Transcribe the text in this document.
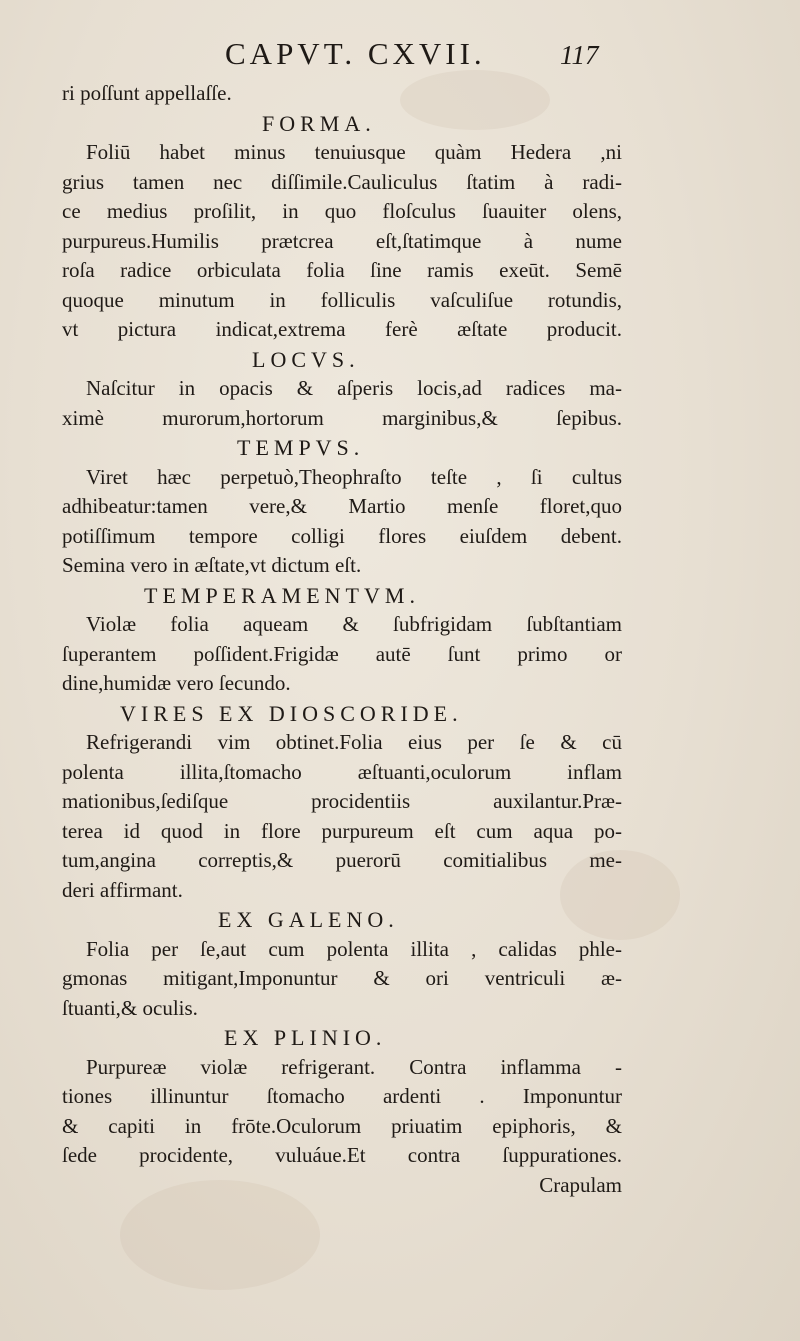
CAPVT. CXVII.	117
ri poſſunt appellaſſe.
FORMA.
Foliū habet minus tenuiusque quàm Hedera ,ni
grius tamen nec diſſimile.Cauliculus ſtatim à radi-
ce medius proſilit, in quo floſculus ſuauiter olens,
purpureus.Humilis prætcrea eſt,ſtatimque à nume
roſa radice orbiculata folia ſine ramis exeūt. Semē
quoque minutum in folliculis vaſculiſue rotundis,
vt pictura indicat,extrema ferè æſtate producit.
LOCVS.
Naſcitur in opacis & aſperis locis,ad radices ma-
ximè murorum,hortorum marginibus,& ſepibus.
TEMPVS.
Viret hæc perpetuò,Theophraſto teſte , ſi cultus
adhibeatur:tamen vere,& Martio menſe floret,quo
potiſſimum tempore colligi flores eiuſdem debent.
Semina vero in æſtate,vt dictum eſt.
TEMPERAMENTVM.
Violæ folia aqueam & ſubfrigidam ſubſtantiam
ſuperantem poſſident.Frigidæ autē ſunt primo or
dine,humidæ vero ſecundo.
VIRES EX DIOSCORIDE.
Refrigerandi vim obtinet.Folia eius per ſe & cū
polenta illita,ſtomacho æſtuanti,oculorum inflam
mationibus,ſediſque procidentiis auxilantur.Præ-
terea id quod in flore purpureum eſt cum aqua po-
tum,angina correptis,& puerorū comitialibus me-
deri affirmant.
EX GALENO.
Folia per ſe,aut cum polenta illita , calidas phle-
gmonas mitigant,Imponuntur & ori ventriculi æ-
ſtuanti,& oculis.
EX PLINIO.
Purpureæ violæ refrigerant. Contra inflamma -
tiones illinuntur ſtomacho ardenti . Imponuntur
& capiti in frōte.Oculorum priuatim epiphoris, &
ſede procidente, vuluáue.Et contra ſuppurationes.
Crapulam
